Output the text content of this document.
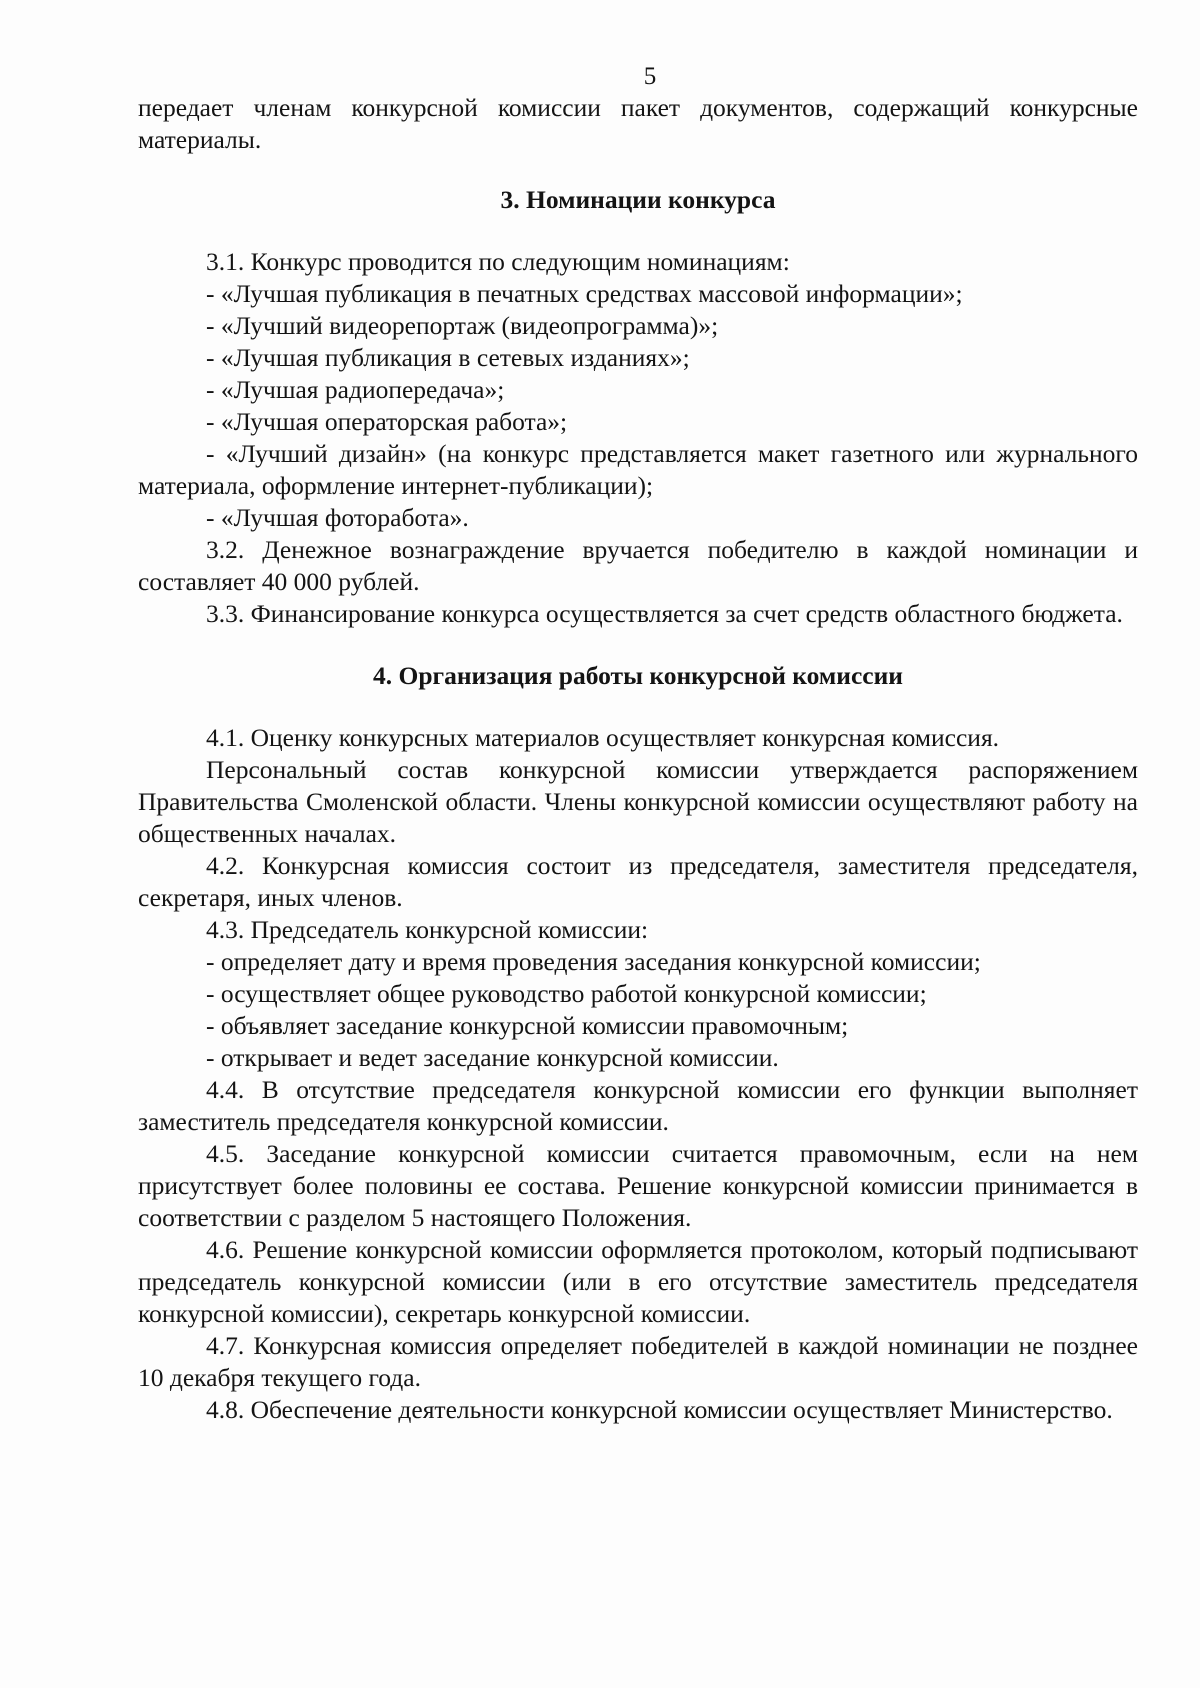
5

передает членам конкурсной комиссии пакет документов, содержащий конкурсные

материалы.

3. Номинации конкурса

3.1. Конкурс проводится по следующим номинациям:

- «Лучшая публикация в печатных средствах массовой информации»;

- «Лучший видеорепортаж (видеопрограмма)»;

- «Лучшая публикация в сетевых изданиях»;

- «Лучшая радиопередача»;

- «Лучшая операторская работа»;

- «Лучший дизайн» (на конкурс представляется макет газетного или журнального материала, оформление интернет-публикации);

- «Лучшая фоторабота».

3.2. Денежное вознаграждение вручается победителю в каждой номинации и составляет 40 000 рублей.

3.3. Финансирование конкурса осуществляется за счет средств областного бюджета.

4. Организация работы конкурсной комиссии

4.1. Оценку конкурсных материалов осуществляет конкурсная комиссия.

Персональный состав конкурсной комиссии утверждается распоряжением Правительства Смоленской области. Члены конкурсной комиссии осуществляют работу на общественных началах.

4.2. Конкурсная комиссия состоит из председателя, заместителя председателя, секретаря, иных членов.

4.3. Председатель конкурсной комиссии:

- определяет дату и время проведения заседания конкурсной комиссии;

- осуществляет общее руководство работой конкурсной комиссии;

- объявляет заседание конкурсной комиссии правомочным;

- открывает и ведет заседание конкурсной комиссии.

4.4. В отсутствие председателя конкурсной комиссии его функции выполняет заместитель председателя конкурсной комиссии.

4.5. Заседание конкурсной комиссии считается правомочным, если на нем присутствует более половины ее состава. Решение конкурсной комиссии принимается в соответствии с разделом 5 настоящего Положения.

4.6. Решение конкурсной комиссии оформляется протоколом, который подписывают председатель конкурсной комиссии (или в его отсутствие заместитель председателя конкурсной комиссии), секретарь конкурсной комиссии.

4.7. Конкурсная комиссия определяет победителей в каждой номинации не позднее 10 декабря текущего года.

4.8. Обеспечение деятельности конкурсной комиссии осуществляет Министерство.
